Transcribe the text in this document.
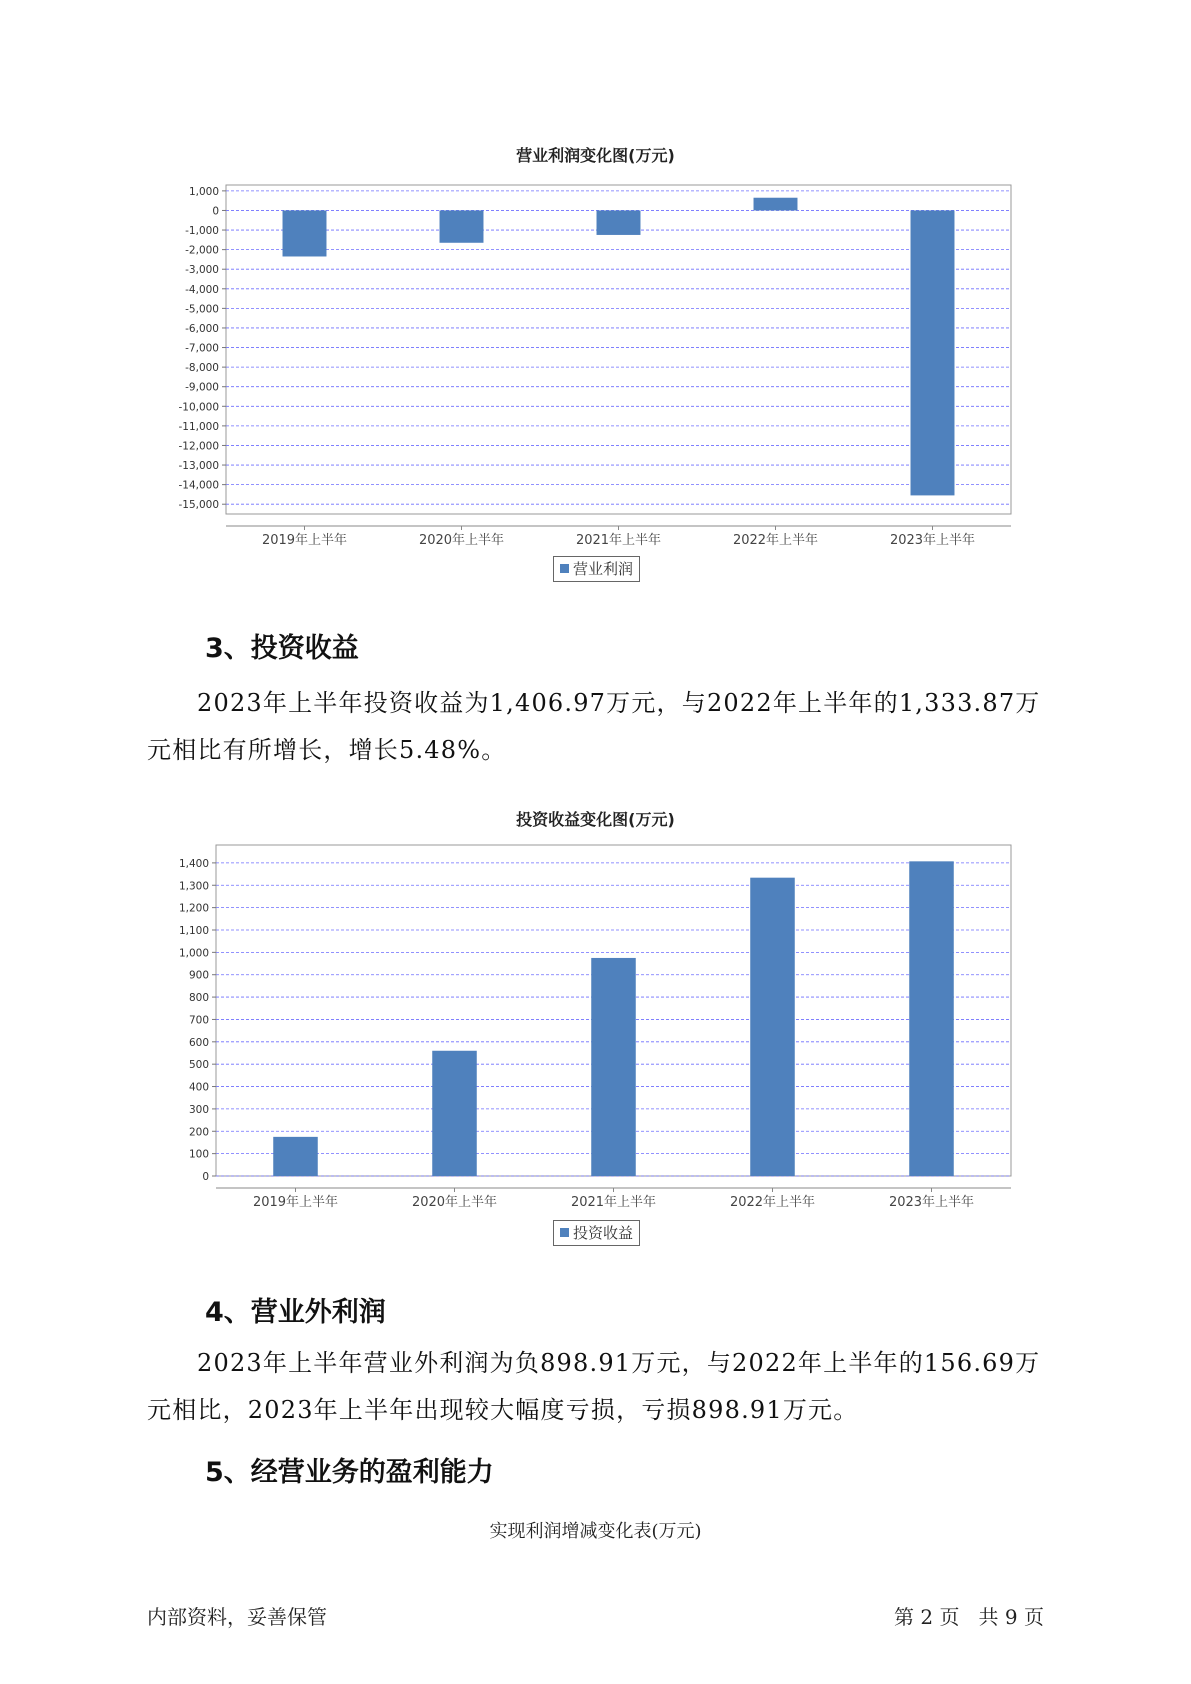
营业利润变化图(万元)
1,000
0
-1,000
-2,000
-3,000
-4,000
-5,000
-6,000
-7,000
-8,000
-9,000
-10,000
-11,000
-12,000
-13,000
-14,000
-15,000
2019年上半年	2020年上半年	2021年上半年	2022年上半年	2023年上半年
营业利润
3、投资收益
2023年上半年投资收益为1,406.97万元，与2022年上半年的1,333.87万元相比有所增长，增长5.48%。
投资收益变化图(万元)
1,400
1,300
1,200
1,100
1,000
900
800
700
600
500
400
300
200
100
0
2019年上半年	2020年上半年	2021年上半年	2022年上半年	2023年上半年
投资收益
4、营业外利润
2023年上半年营业外利润为负898.91万元，与2022年上半年的156.69万元相比，2023年上半年出现较大幅度亏损，亏损898.91万元。
5、经营业务的盈利能力
实现利润增减变化表(万元)
内部资料，妥善保管	第 2 页   共 9 页
